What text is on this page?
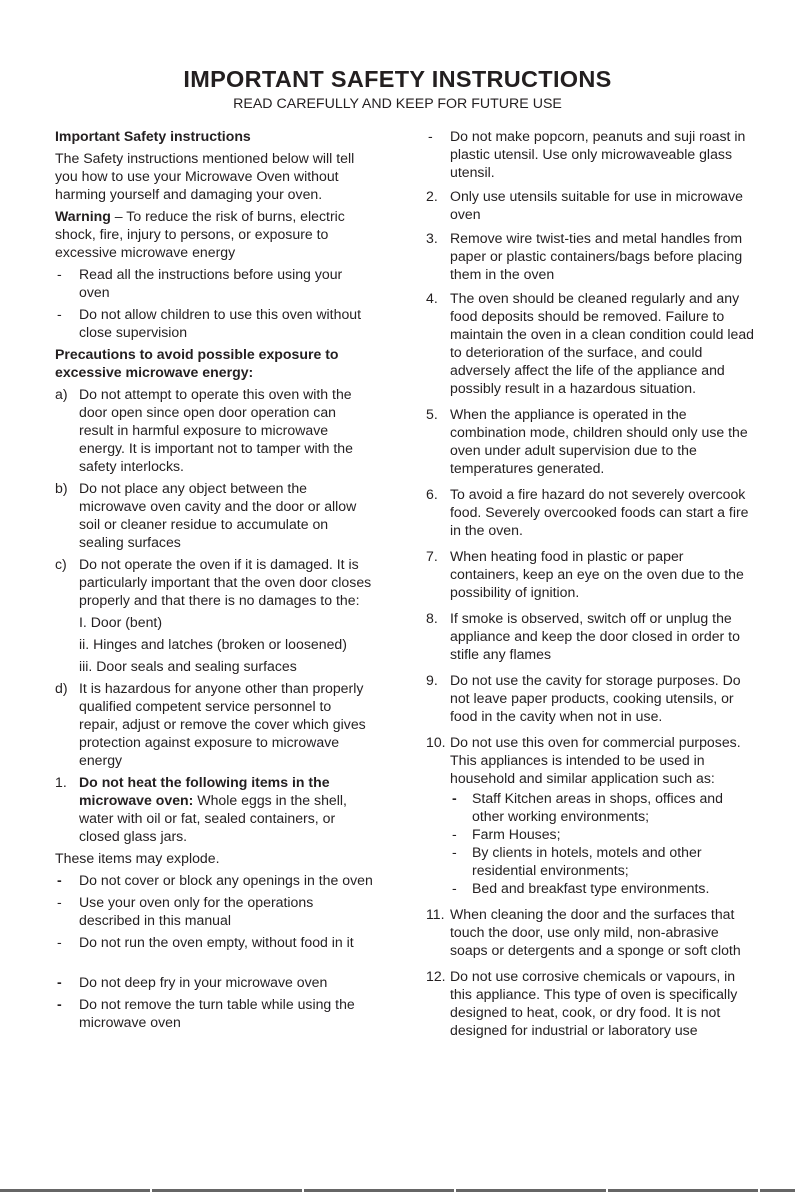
IMPORTANT SAFETY INSTRUCTIONS
READ CAREFULLY AND KEEP FOR FUTURE USE
Important Safety instructions
The Safety instructions mentioned below will tell you how to use your Microwave Oven without harming yourself and damaging your oven.
Warning – To reduce the risk of burns, electric shock, fire, injury to persons, or exposure to excessive microwave energy
- Read all the instructions before using your oven
- Do not allow children to use this oven without close supervision
Precautions to avoid possible exposure to excessive microwave energy:
a) Do not attempt to operate this oven with the door open since open door operation can result in harmful exposure to microwave energy. It is important not to tamper with the safety interlocks.
b) Do not place any object between the microwave oven cavity and the door or allow soil or cleaner residue to accumulate on sealing surfaces
c) Do not operate the oven if it is damaged. It is particularly important that the oven door closes properly and that there is no damages to the:
I. Door (bent)
ii. Hinges and latches (broken or loosened)
iii. Door seals and sealing surfaces
d) It is hazardous for anyone other than properly qualified competent service personnel to repair, adjust or remove the cover which gives protection against exposure to microwave energy
1. Do not heat the following items in the microwave oven: Whole eggs in the shell, water with oil or fat, sealed containers, or closed glass jars.
These items may explode.
- Do not cover or block any openings in the oven
- Use your oven only for the operations described in this manual
- Do not run the oven empty, without food in it
- Do not deep fry in your microwave oven
- Do not remove the turn table while using the microwave oven
- Do not make popcorn, peanuts and suji roast in plastic utensil. Use only microwaveable glass utensil.
2. Only use utensils suitable for use in microwave oven
3. Remove wire twist-ties and metal handles from paper or plastic containers/bags before placing them in the oven
4. The oven should be cleaned regularly and any food deposits should be removed. Failure to maintain the oven in a clean condition could lead to deterioration of the surface, and could adversely affect the life of the appliance and possibly result in a hazardous situation.
5. When the appliance is operated in the combination mode, children should only use the oven under adult supervision due to the temperatures generated.
6. To avoid a fire hazard do not severely overcook food. Severely overcooked foods can start a fire in the oven.
7. When heating food in plastic or paper containers, keep an eye on the oven due to the possibility of ignition.
8. If smoke is observed, switch off or unplug the appliance and keep the door closed in order to stifle any flames
9. Do not use the cavity for storage purposes. Do not leave paper products, cooking utensils, or food in the cavity when not in use.
10. Do not use this oven for commercial purposes. This appliances is intended to be used in household and similar application such as:
- Staff Kitchen areas in shops, offices and other working environments;
- Farm Houses;
- By clients in hotels, motels and other residential environments;
- Bed and breakfast type environments.
11. When cleaning the door and the surfaces that touch the door, use only mild, non-abrasive soaps or detergents and a sponge or soft cloth
12. Do not use corrosive chemicals or vapours, in this appliance. This type of oven is specifically designed to heat, cook, or dry food. It is not designed for industrial or laboratory use
